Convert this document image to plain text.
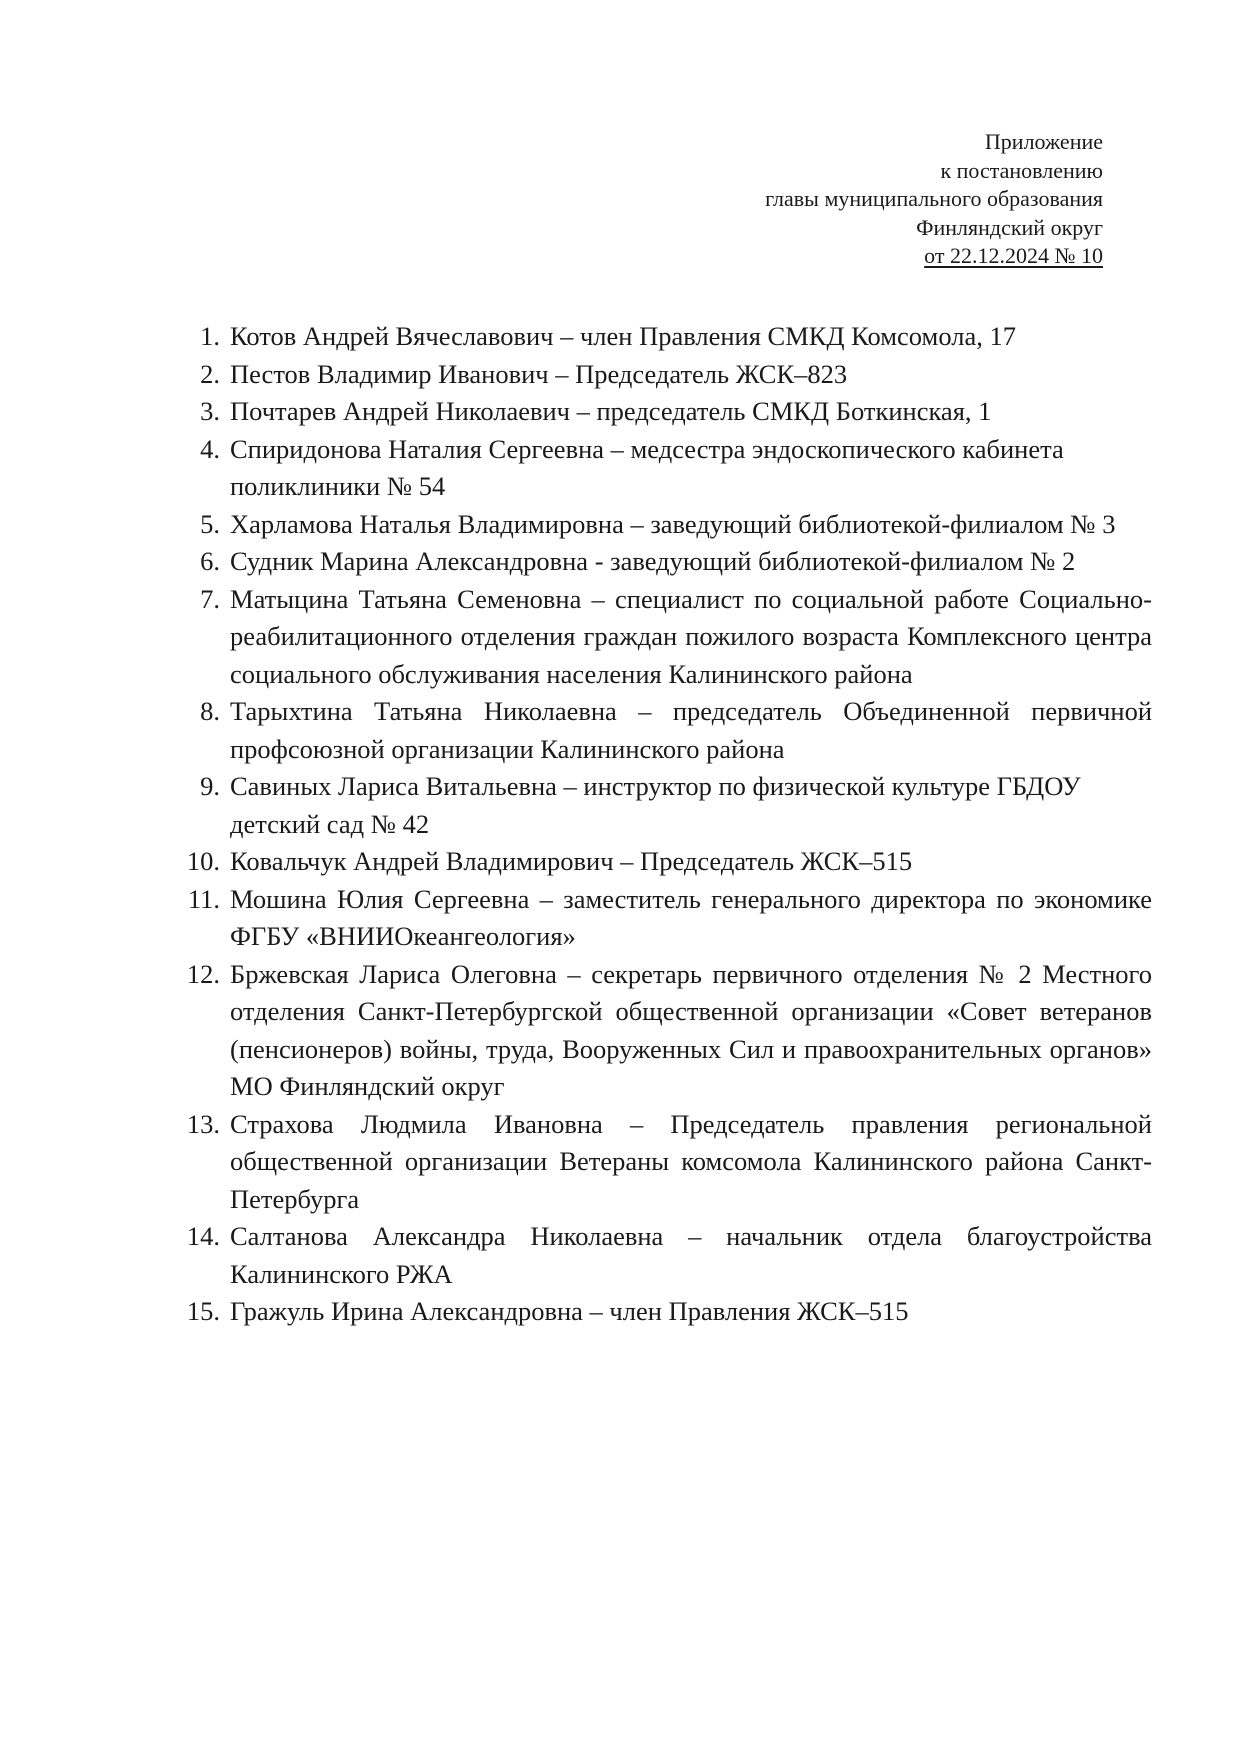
Приложение
к постановлению
главы муниципального образования
Финляндский округ
от 22.12.2024 № 10
1. Котов Андрей Вячеславович – член Правления СМКД Комсомола, 17
2. Пестов Владимир Иванович – Председатель ЖСК–823
3. Почтарев Андрей Николаевич – председатель СМКД Боткинская, 1
4. Спиридонова Наталия Сергеевна – медсестра эндоскопического кабинета поликлиники № 54
5. Харламова Наталья Владимировна – заведующий библиотекой-филиалом № 3
6. Судник Марина Александровна - заведующий библиотекой-филиалом № 2
7. Матыцина Татьяна Семеновна – специалист по социальной работе Социально-реабилитационного отделения граждан пожилого возраста Комплексного центра социального обслуживания населения Калининского района
8. Тарыхтина Татьяна Николаевна – председатель Объединенной первичной профсоюзной организации Калининского района
9. Савиных Лариса Витальевна – инструктор по физической культуре ГБДОУ детский сад № 42
10. Ковальчук Андрей Владимирович – Председатель ЖСК–515
11. Мошина Юлия Сергеевна – заместитель генерального директора по экономике ФГБУ «ВНИИОкеангеология»
12. Бржевская Лариса Олеговна – секретарь первичного отделения № 2 Местного отделения Санкт-Петербургской общественной организации «Совет ветеранов (пенсионеров) войны, труда, Вооруженных Сил и правоохранительных органов» МО Финляндский округ
13. Страхова Людмила Ивановна – Председатель правления региональной общественной организации Ветераны комсомола Калининского района Санкт-Петербурга
14. Салтанова Александра Николаевна – начальник отдела благоустройства Калининского РЖА
15. Гражуль Ирина Александровна – член Правления ЖСК–515
